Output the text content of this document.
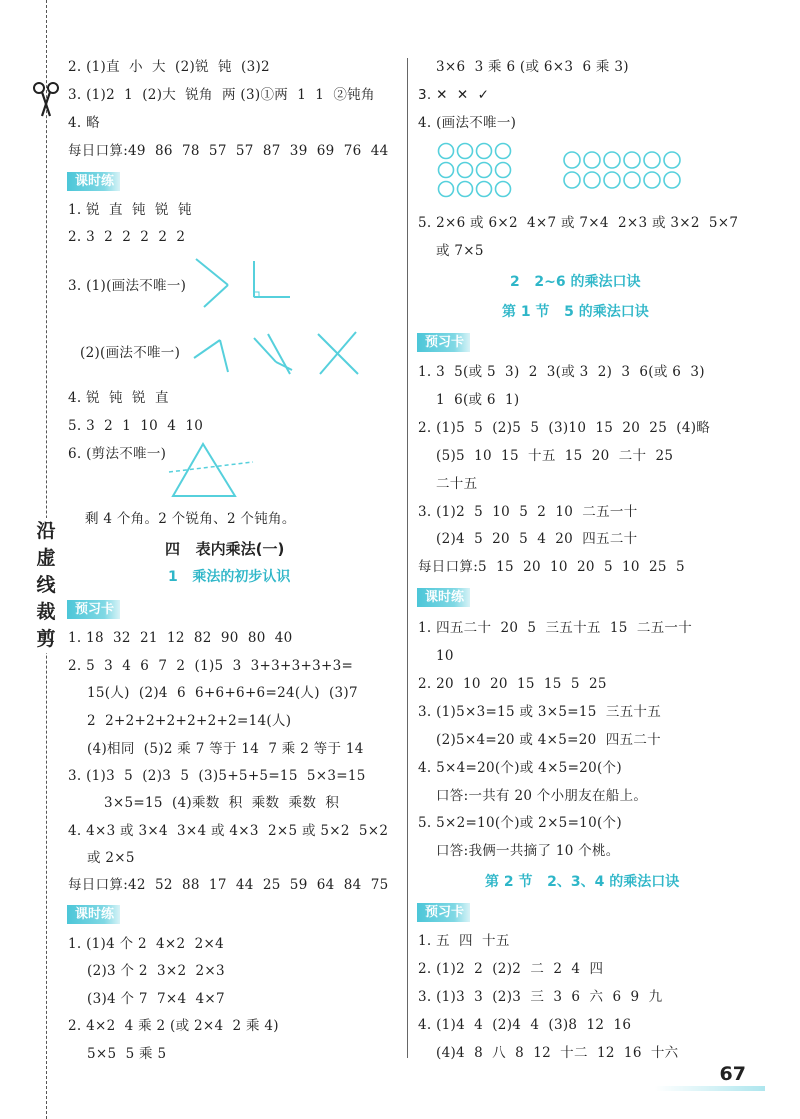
沿
虚
线
裁
剪
2. (1)直  小  大  (2)锐  钝  (3)2
3. (1)2  1  (2)大  锐角  两 (3)①两  1  1  ②钝角
4. 略
每日口算:49  86  78  57  57  87  39  69  76  44
课时练
1. 锐  直  钝  锐  钝
2. 3  2  2  2  2  2
3. (1)(画法不唯一)
(2)(画法不唯一)
4. 锐  钝  锐  直
5. 3  2  1  10  4  10
6. (剪法不唯一)
剩 4 个角。2 个锐角、2 个钝角。
四   表内乘法(一)
1   乘法的初步认识
预习卡
1. 18  32  21  12  82  90  80  40
2. 5  3  4  6  7  2  (1)5  3  3+3+3+3+3=
15(人)  (2)4  6  6+6+6+6=24(人)  (3)7
2  2+2+2+2+2+2+2=14(人)
(4)相同  (5)2 乘 7 等于 14  7 乘 2 等于 14
3. (1)3  5  (2)3  5  (3)5+5+5=15  5×3=15
3×5=15  (4)乘数  积  乘数  乘数  积
4. 4×3 或 3×4  3×4 或 4×3  2×5 或 5×2  5×2
或 2×5
每日口算:42  52  88  17  44  25  59  64  84  75
课时练
1. (1)4 个 2  4×2  2×4
(2)3 个 2  3×2  2×3
(3)4 个 7  7×4  4×7
2. 4×2  4 乘 2 (或 2×4  2 乘 4)
5×5  5 乘 5
3×6  3 乘 6 (或 6×3  6 乘 3)
3. ✕  ✕  ✓
4. (画法不唯一)
5. 2×6 或 6×2  4×7 或 7×4  2×3 或 3×2  5×7
或 7×5
2   2~6 的乘法口诀
第 1 节   5 的乘法口诀
预习卡
1. 3  5(或 5  3)  2  3(或 3  2)  3  6(或 6  3)
1  6(或 6  1)
2. (1)5  5  (2)5  5  (3)10  15  20  25  (4)略
(5)5  10  15  十五  15  20  二十  25
二十五
3. (1)2  5  10  5  2  10  二五一十
(2)4  5  20  5  4  20  四五二十
每日口算:5  15  20  10  20  5  10  25  5
课时练
1. 四五二十  20  5  三五十五  15  二五一十
10
2. 20  10  20  15  15  5  25
3. (1)5×3=15 或 3×5=15  三五十五
(2)5×4=20 或 4×5=20  四五二十
4. 5×4=20(个)或 4×5=20(个)
口答:一共有 20 个小朋友在船上。
5. 5×2=10(个)或 2×5=10(个)
口答:我俩一共摘了 10 个桃。
第 2 节   2、3、4 的乘法口诀
预习卡
1. 五  四  十五
2. (1)2  2  (2)2  二  2  4  四
3. (1)3  3  (2)3  三  3  6  六  6  9  九
4. (1)4  4  (2)4  4  (3)8  12  16
(4)4  8  八  8  12  十二  12  16  十六
67
